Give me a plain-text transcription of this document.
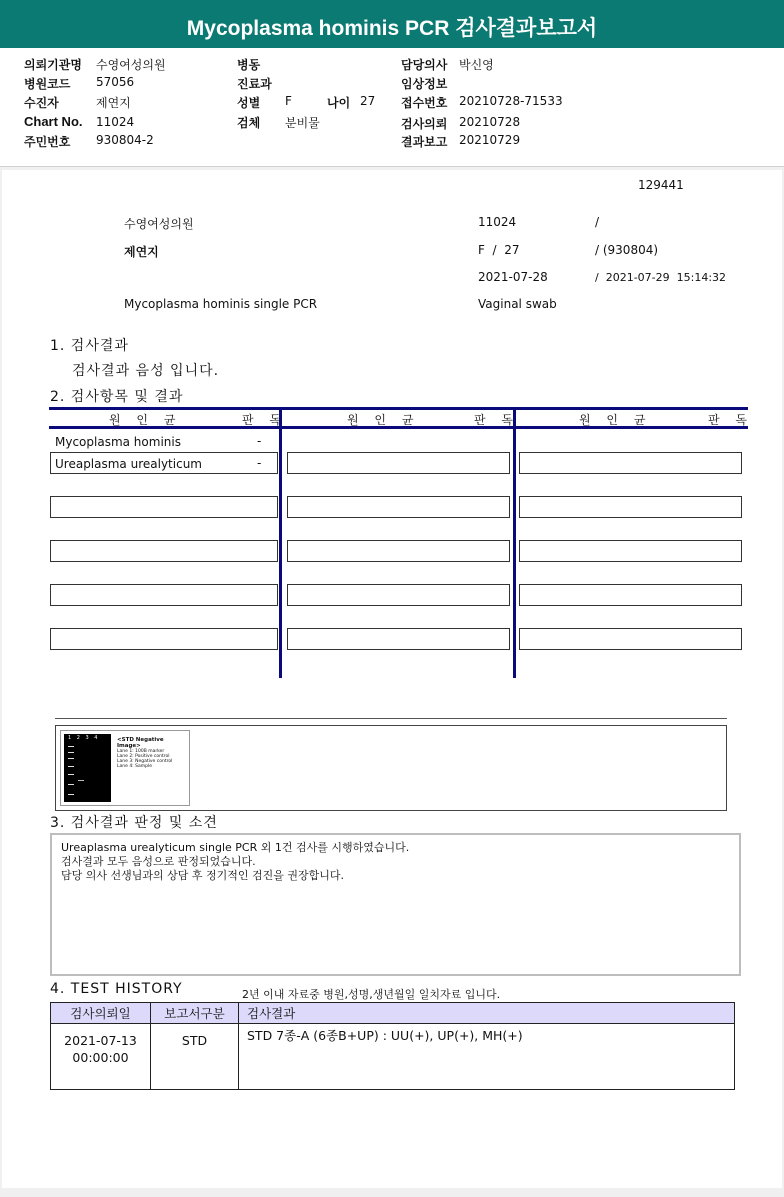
Mycoplasma hominis PCR 검사결과보고서
의뢰기관명 수영여성의원
병원코드 57056
수진자	제연지
Chart No. 11024
주민번호 930804-2
병동
진료과
성별 F	나이 27
검체 분비물
담당의사 박신영
임상정보
접수번호 20210728-71533
검사의뢰 20210728
결과보고 20210729
129441
수영여성의원	11024	/
제연지	F  /  27	/ (930804)
2021-07-28	/  2021-07-29  15:14:32
Mycoplasma hominis single PCR	Vaginal swab
1. 검사결과
검사결과 음성 입니다.
2. 검사항목 및 결과
원 인 균	판 독	원 인 균	판 독	원 인 균	판 독
Mycoplasma hominis	-
Ureaplasma urealyticum	-
1 2 3 4	<STD Negative Image>
Lane 1: 100B marker
Lane 2: Positive control
Lane 3: Negative control
Lane 4: Sample
3. 검사결과 판정 및 소견
Ureaplasma urealyticum single PCR 외 1건 검사를 시행하였습니다.
검사결과 모두 음성으로 판정되었습니다.
담당 의사 선생님과의 상담 후 정기적인 검진을 권장합니다.
4. TEST HISTORY	2년 이내 자료중 병원,성명,생년월일 일치자료 입니다.
검사의뢰일	보고서구분	검사결과

2021-07-13
00:00:00	STD	STD 7종-A (6종B+UP) : UU(+), UP(+), MH(+)
